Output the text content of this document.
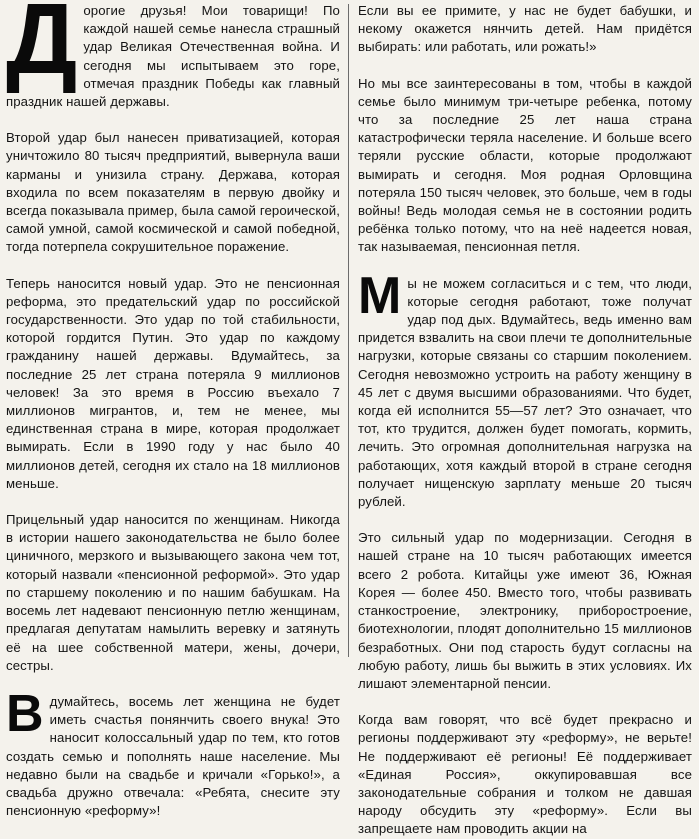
Дорогие друзья! Мои товарищи! По каждой нашей семье нанесла страшный удар Великая Отечественная война. И сегодня мы испытываем это горе, отмечая праздник Победы как главный праздник нашей державы.

Второй удар был нанесен приватизацией, которая уничтожило 80 тысяч предприятий, вывернула ваши карманы и унизила страну. Держава, которая входила по всем показателям в первую двойку и всегда показывала пример, была самой героической, самой умной, самой космической и самой победной, тогда потерпела сокрушительное поражение.

Теперь наносится новый удар. Это не пенсионная реформа, это предательский удар по российской государственности. Это удар по той стабильности, которой гордится Путин. Это удар по каждому гражданину нашей державы. Вдумайтесь, за последние 25 лет страна потеряла 9 миллионов человек! За это время в Россию въехало 7 миллионов мигрантов, и, тем не менее, мы единственная страна в мире, которая продолжает вымирать. Если в 1990 году у нас было 40 миллионов детей, сегодня их стало на 18 миллионов меньше.

Прицельный удар наносится по женщинам. Никогда в истории нашего законодательства не было более циничного, мерзкого и вызывающего закона чем тот, который назвали «пенсионной реформой». Это удар по старшему поколению и по нашим бабушкам. На восемь лет надевают пенсионную петлю женщинам, предлагая депутатам намылить веревку и затянуть её на шее собственной матери, жены, дочери, сестры.

Вдумайтесь, восемь лет женщина не будет иметь счастья понянчить своего внука! Это наносит колоссальный удар по тем, кто готов создать семью и пополнять наше население. Мы недавно были на свадьбе и кричали «Горько!», а свадьба дружно отвечала: «Ребята, снесите эту пенсионную «реформу»!

Если вы ее примите, у нас не будет бабушки, и некому окажется нянчить детей. Нам придётся выбирать: или работать, или рожать!»

Но мы все заинтересованы в том, чтобы в каждой семье было минимум три-четыре ребенка, потому что за последние 25 лет наша страна катастрофически теряла население. И больше всего теряли русские области, которые продолжают вымирать и сегодня. Моя родная Орловщина потеряла 150 тысяч человек, это больше, чем в годы войны! Ведь молодая семья не в состоянии родить ребёнка только потому, что на неё надеется новая, так называемая, пенсионная петля.

Мы не можем согласиться и с тем, что люди, которые сегодня работают, тоже получат удар под дых. Вдумайтесь, ведь именно вам придется взвалить на свои плечи те дополнительные нагрузки, которые связаны со старшим поколением. Сегодня невозможно устроить на работу женщину в 45 лет с двумя высшими образованиями. Что будет, когда ей исполнится 55—57 лет? Это означает, что тот, кто трудится, должен будет помогать, кормить, лечить. Это огромная дополнительная нагрузка на работающих, хотя каждый второй в стране сегодня получает нищенскую зарплату меньше 20 тысяч рублей.

Это сильный удар по модернизации. Сегодня в нашей стране на 10 тысяч работающих имеется всего 2 робота. Китайцы уже имеют 36, Южная Корея — более 450. Вместо того, чтобы развивать станкостроение, электронику, приборостроение, биотехнологии, плодят дополнительно 15 миллионов безработных. Они под старость будут согласны на любую работу, лишь бы выжить в этих условиях. Их лишают элементарной пенсии.

Когда вам говорят, что всё будет прекрасно и регионы поддерживают эту «реформу», не верьте! Не поддерживают её регионы! Её поддерживает «Единая Россия», оккупировавшая все законодательные собрания и толком не давшая народу обсудить эту «реформу». Если вы запрещаете нам проводить акции на
